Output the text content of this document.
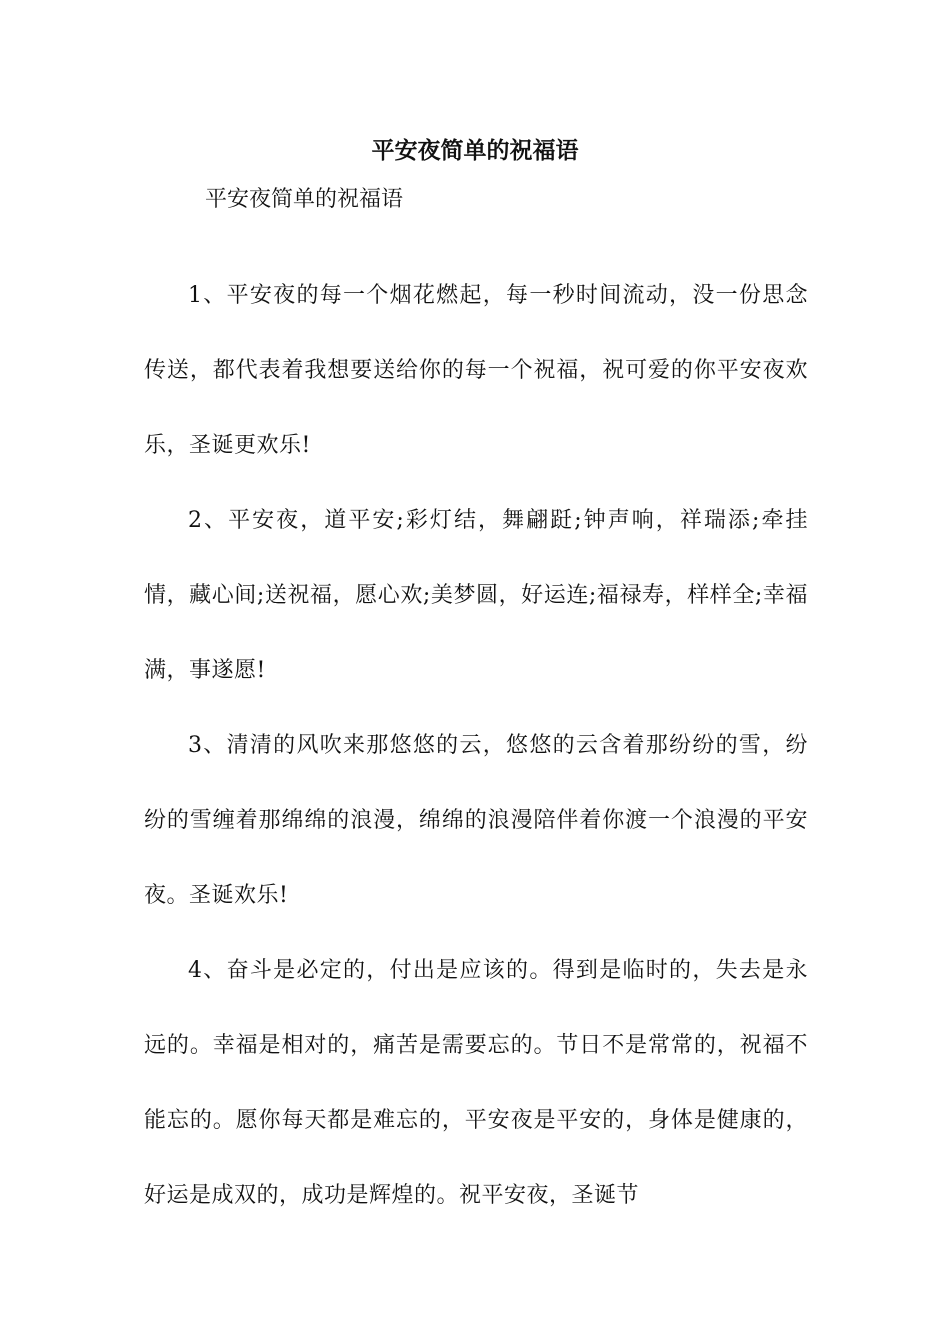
平安夜简单的祝福语

平安夜简单的祝福语

1、平安夜的每一个烟花燃起，每一秒时间流动，没一份思念传送，都代表着我想要送给你的每一个祝福，祝可爱的你平安夜欢乐，圣诞更欢乐!

2、平安夜，道平安;彩灯结，舞翩跹;钟声响，祥瑞添;牵挂情，藏心间;送祝福，愿心欢;美梦圆，好运连;福禄寿，样样全;幸福满，事遂愿!

3、清清的风吹来那悠悠的云，悠悠的云含着那纷纷的雪，纷纷的雪缠着那绵绵的浪漫，绵绵的浪漫陪伴着你渡一个浪漫的平安夜。圣诞欢乐!

4、奋斗是必定的，付出是应该的。得到是临时的，失去是永远的。幸福是相对的，痛苦是需要忘的。节日不是常常的，祝福不能忘的。愿你每天都是难忘的，平安夜是平安的，身体是健康的，好运是成双的，成功是辉煌的。祝平安夜，圣诞节
